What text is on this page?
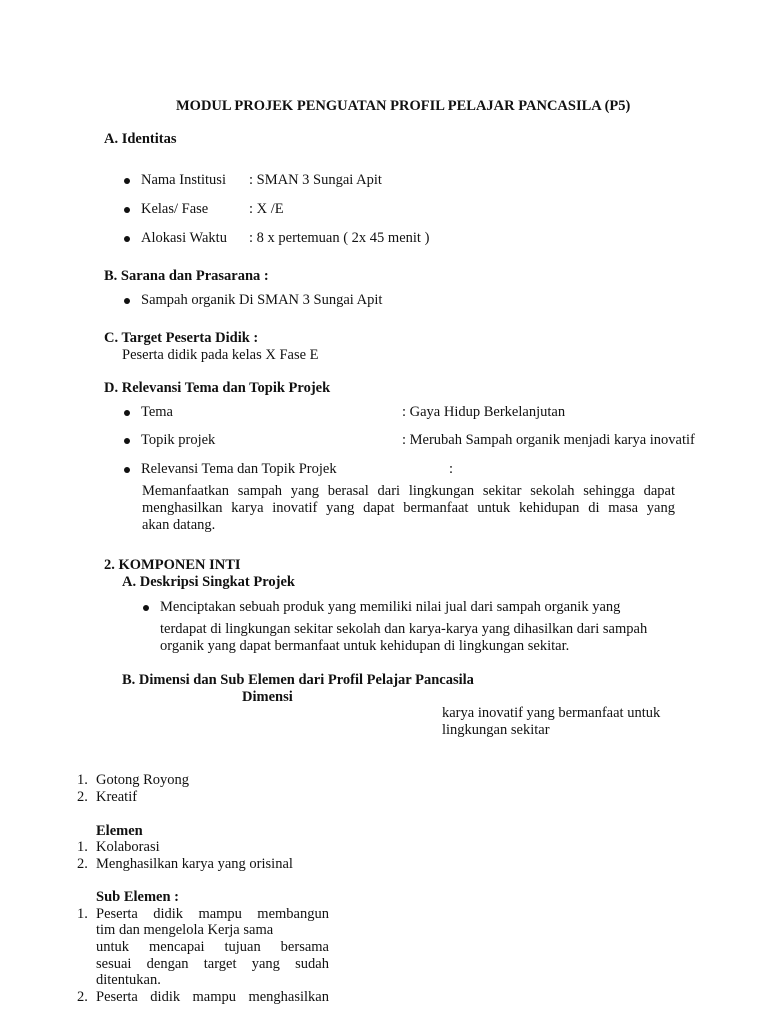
MODUL PROJEK PENGUATAN PROFIL PELAJAR PANCASILA (P5)
A. Identitas
Nama Institusi : SMAN 3 Sungai Apit
Kelas/ Fase	: X /E
Alokasi Waktu : 8 x pertemuan ( 2x 45 menit )
B. Sarana dan Prasarana :
Sampah organik Di SMAN 3 Sungai Apit
C. Target Peserta Didik :
Peserta didik pada kelas X Fase E
D. Relevansi Tema dan Topik Projek
Tema	: Gaya Hidup Berkelanjutan
Topik projek	: Merubah Sampah organik menjadi karya inovatif
Relevansi Tema dan Topik Projek	:
Memanfaatkan sampah yang berasal dari lingkungan sekitar sekolah sehingga dapat
menghasilkan karya inovatif yang dapat bermanfaat untuk kehidupan di masa yang
akan datang.
2. KOMPONEN INTI
A. Deskripsi Singkat Projek
Menciptakan sebuah produk yang memiliki nilai jual dari sampah organik yang
terdapat di lingkungan sekitar sekolah dan karya-karya yang dihasilkan dari sampah
organik yang dapat bermanfaat untuk kehidupan di lingkungan sekitar.
B. Dimensi dan Sub Elemen dari Profil Pelajar Pancasila
Dimensi
karya inovatif yang bermanfaat untuk
lingkungan sekitar
1. Gotong Royong
2. Kreatif
Elemen
1. Kolaborasi
2. Menghasilkan karya yang orisinal
Sub Elemen :
1. Peserta didik mampu membangun
tim dan mengelola Kerja sama
untuk mencapai tujuan bersama
sesuai dengan target yang sudah
ditentukan.
2. Peserta didik mampu menghasilkan
